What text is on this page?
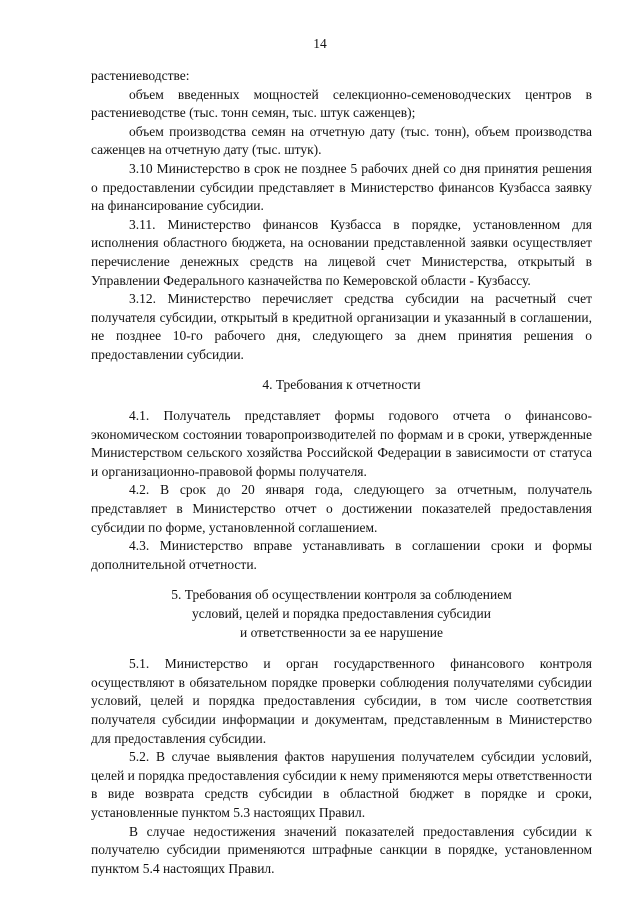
14

растениеводстве:

объем введенных мощностей селекционно-семеноводческих центров в растениеводстве (тыс. тонн семян, тыс. штук саженцев);

объем производства семян на отчетную дату (тыс. тонн), объем производства саженцев на отчетную дату (тыс. штук).

3.10 Министерство в срок не позднее 5 рабочих дней со дня принятия решения о предоставлении субсидии представляет в Министерство финансов Кузбасса заявку на финансирование субсидии.

3.11. Министерство финансов Кузбасса в порядке, установленном для исполнения областного бюджета, на основании представленной заявки осуществляет перечисление денежных средств на лицевой счет Министерства, открытый в Управлении Федерального казначейства по Кемеровской области - Кузбассу.

3.12. Министерство перечисляет средства субсидии на расчетный счет получателя субсидии, открытый в кредитной организации и указанный в соглашении, не позднее 10-го рабочего дня, следующего за днем принятия решения о предоставлении субсидии.

4. Требования к отчетности

4.1. Получатель представляет формы годового отчета о финансово-экономическом состоянии товаропроизводителей по формам и в сроки, утвержденные Министерством сельского хозяйства Российской Федерации в зависимости от статуса и организационно-правовой формы получателя.

4.2. В срок до 20 января года, следующего за отчетным, получатель представляет в Министерство отчет о достижении показателей предоставления субсидии по форме, установленной соглашением.

4.3. Министерство вправе устанавливать в соглашении сроки и формы дополнительной отчетности.

5. Требования об осуществлении контроля за соблюдением
условий, целей и порядка предоставления субсидии
и ответственности за ее нарушение

5.1. Министерство и орган государственного финансового контроля осуществляют в обязательном порядке проверки соблюдения получателями субсидии условий, целей и порядка предоставления субсидии, в том числе соответствия получателя субсидии информации и документам, представленным в Министерство для предоставления субсидии.

5.2. В случае выявления фактов нарушения получателем субсидии условий, целей и порядка предоставления субсидии к нему применяются меры ответственности в виде возврата средств субсидии в областной бюджет в порядке и сроки, установленные пунктом 5.3 настоящих Правил.

В случае недостижения значений показателей предоставления субсидии к получателю субсидии применяются штрафные санкции в порядке, установленном пунктом 5.4 настоящих Правил.
